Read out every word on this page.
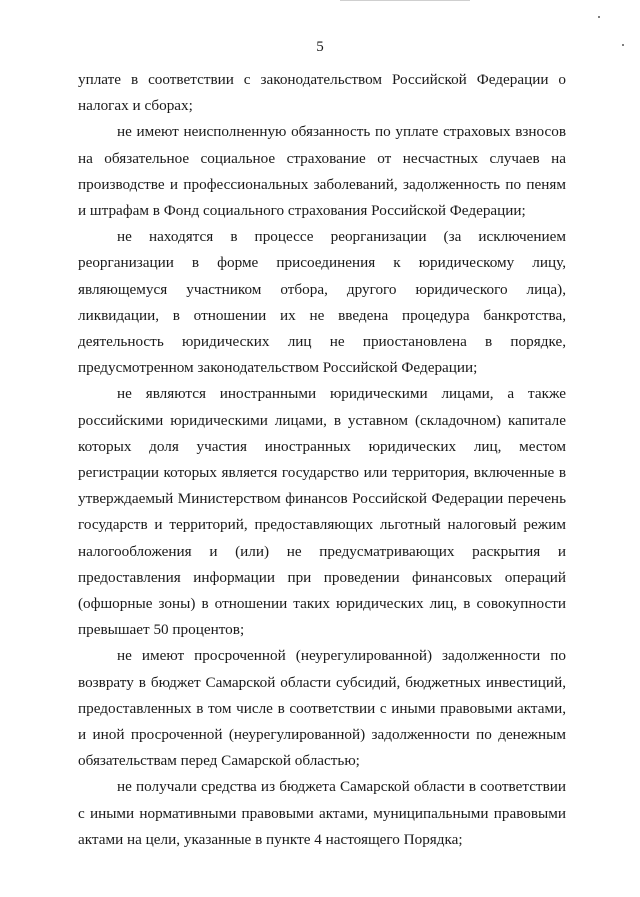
5

уплате в соответствии с законодательством Российской Федерации о налогах и сборах;

не имеют неисполненную обязанность по уплате страховых взносов на обязательное социальное страхование от несчастных случаев на производстве и профессиональных заболеваний, задолженность по пеням и штрафам в Фонд социального страхования Российской Федерации;

не находятся в процессе реорганизации (за исключением реорганизации в форме присоединения к юридическому лицу, являющемуся участником отбора, другого юридического лица), ликвидации, в отношении их не введена процедура банкротства, деятельность юридических лиц не приостановлена в порядке, предусмотренном законодательством Российской Федерации;

не являются иностранными юридическими лицами, а также российскими юридическими лицами, в уставном (складочном) капитале которых доля участия иностранных юридических лиц, местом регистрации которых является государство или территория, включенные в утверждаемый Министерством финансов Российской Федерации перечень государств и территорий, предоставляющих льготный налоговый режим налогообложения и (или) не предусматривающих раскрытия и предоставления информации при проведении финансовых операций (офшорные зоны) в отношении таких юридических лиц, в совокупности превышает 50 процентов;

не имеют просроченной (неурегулированной) задолженности по возврату в бюджет Самарской области субсидий, бюджетных инвестиций, предоставленных в том числе в соответствии с иными правовыми актами, и иной просроченной (неурегулированной) задолженности по денежным обязательствам перед Самарской областью;

не получали средства из бюджета Самарской области в соответствии с иными нормативными правовыми актами, муниципальными правовыми актами на цели, указанные в пункте 4 настоящего Порядка;
